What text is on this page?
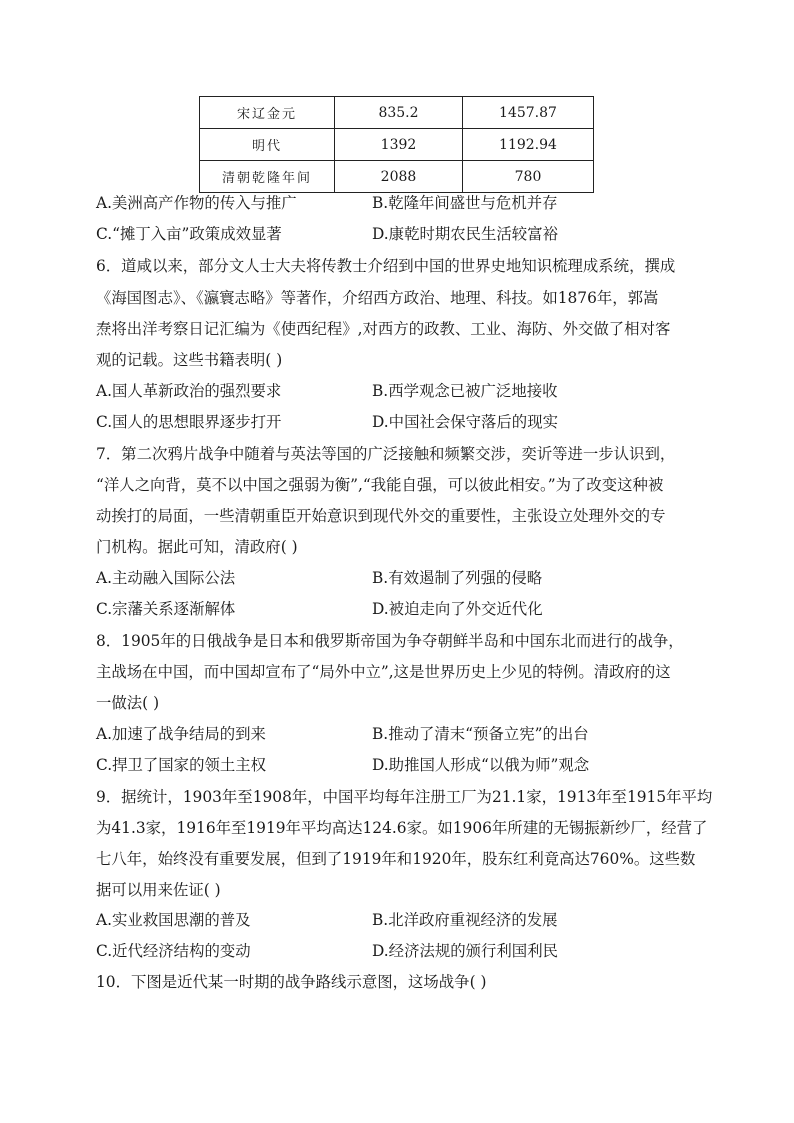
宋辽金元	835.2	1457.87
明代	1392	1192.94
清朝乾隆年间	2088	780
A.美洲高产作物的传入与推广	B.乾隆年间盛世与危机并存
C.“摊丁入亩”政策成效显著	D.康乾时期农民生活较富裕
6．道咸以来，部分文人士大夫将传教士介绍到中国的世界史地知识梳理成系统，撰成
《海国图志》、《瀛寰志略》等著作，介绍西方政治、地理、科技。如1876年，郭嵩
焘将出洋考察日记汇编为《使西纪程》,对西方的政教、工业、海防、外交做了相对客
观的记载。这些书籍表明( )
A.国人革新政治的强烈要求	B.西学观念已被广泛地接收
C.国人的思想眼界逐步打开	D.中国社会保守落后的现实
7．第二次鸦片战争中随着与英法等国的广泛接触和频繁交涉，奕䜣等进一步认识到，
“洋人之向背，莫不以中国之强弱为衡”,“我能自强，可以彼此相安。”为了改变这种被
动挨打的局面，一些清朝重臣开始意识到现代外交的重要性，主张设立处理外交的专
门机构。据此可知，清政府( )
A.主动融入国际公法	B.有效遏制了列强的侵略
C.宗藩关系逐渐解体	D.被迫走向了外交近代化
8．1905年的日俄战争是日本和俄罗斯帝国为争夺朝鲜半岛和中国东北而进行的战争，
主战场在中国，而中国却宣布了“局外中立”,这是世界历史上少见的特例。清政府的这
一做法( )
A.加速了战争结局的到来	B.推动了清末“预备立宪”的出台
C.捍卫了国家的领土主权	D.助推国人形成“以俄为师”观念
9．据统计，1903年至1908年，中国平均每年注册工厂为21.1家，1913年至1915年平均
为41.3家，1916年至1919年平均高达124.6家。如1906年所建的无锡振新纱厂，经营了
七八年，始终没有重要发展，但到了1919年和1920年，股东红利竟高达760%。这些数
据可以用来佐证( )
A.实业救国思潮的普及	B.北洋政府重视经济的发展
C.近代经济结构的变动	D.经济法规的颁行利国利民
10．下图是近代某一时期的战争路线示意图，这场战争( )
